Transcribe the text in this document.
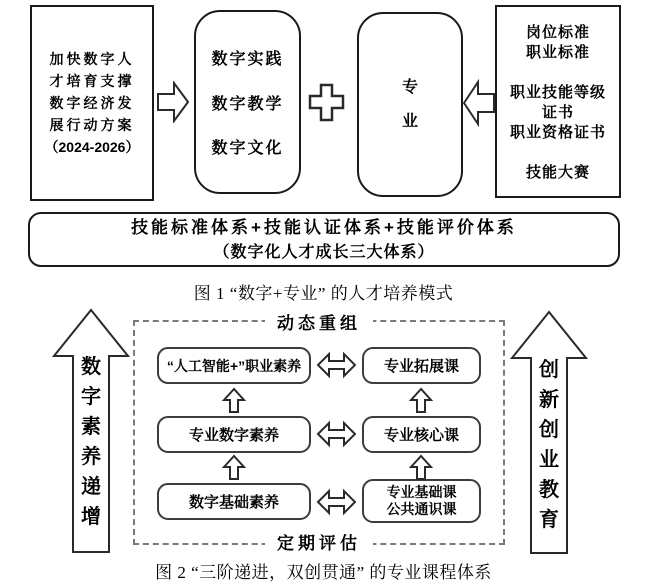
加快数字人
才培育支撑
数字经济发
展行动方案
（2024-2026）
数字实践
数字教学
数字文化
专业
岗位标准
职业标准
职业技能等级
证书
职业资格证书
技能大赛
技能标准体系+技能认证体系+技能评价体系
（数字化人才成长三大体系）
图 1 “数字+专业” 的人才培养模式
数字素养递增
创新创业教育
动态重组
定期评估
“人工智能+”职业素养
专业数字素养
数字基础素养
专业拓展课
专业核心课
专业基础课
公共通识课
图 2 “三阶递进，双创贯通” 的专业课程体系
